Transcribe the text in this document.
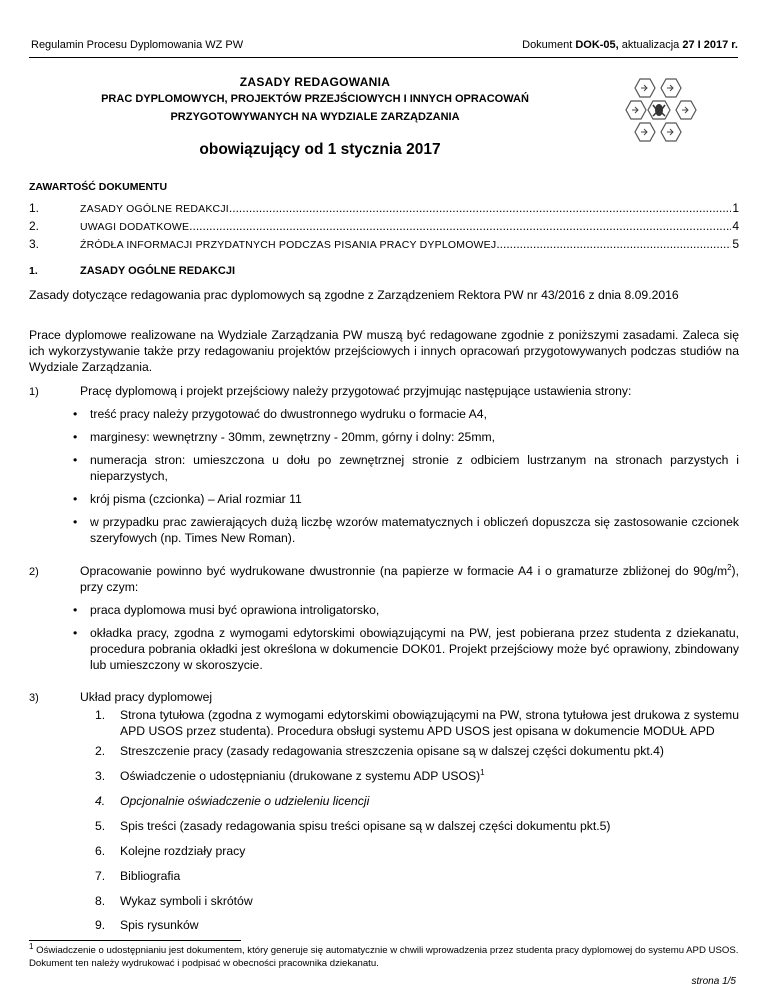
Regulamin Procesu Dyplomowania WZ PW	Dokument DOK-05, aktualizacja 27 I 2017 r.
ZASADY REDAGOWANIA
PRAC DYPLOMOWYCH, PROJEKTÓW PRZEJŚCIOWYCH I INNYCH OPRACOWAŃ
PRZYGOTOWYWANYCH NA WYDZIALE ZARZĄDZANIA
obowiązujący od 1 stycznia 2017
ZAWARTOŚĆ DOKUMENTU
1.	ZASADY OGÓLNE REDAKCJI .....	1
2.	UWAGI DODATKOWE .....	4
3.	ŹRÓDŁA INFORMACJI PRZYDATNYCH PODCZAS PISANIA PRACY DYPLOMOWEJ .....	5
1.	ZASADY OGÓLNE REDAKCJI
Zasady dotyczące redagowania prac dyplomowych są zgodne z Zarządzeniem Rektora PW nr 43/2016 z dnia 8.09.2016
Prace dyplomowe realizowane na Wydziale Zarządzania PW muszą być redagowane zgodnie z poniższymi zasadami. Zaleca się ich wykorzystywanie także przy redagowaniu projektów przejściowych i innych opracowań przygotowywanych podczas studiów na Wydziale Zarządzania.
1)	Pracę dyplomową i projekt przejściowy należy przygotować przyjmując następujące ustawienia strony:
• treść pracy należy przygotować do dwustronnego wydruku o formacie A4,
• marginesy: wewnętrzny - 30mm, zewnętrzny - 20mm, górny i dolny: 25mm,
• numeracja stron: umieszczona u dołu po zewnętrznej stronie z odbiciem lustrzanym na stronach parzystych i nieparzystych,
• krój pisma (czcionka) – Arial rozmiar 11
• w przypadku prac zawierających dużą liczbę wzorów matematycznych i obliczeń dopuszcza się zastosowanie czcionek szeryfowych (np. Times New Roman).
2)	Opracowanie powinno być wydrukowane dwustronnie (na papierze w formacie A4 i o gramaturze zbliżonej do $90g/m^2$), przy czym:
• praca dyplomowa musi być oprawiona introligatorsko,
• okładka pracy, zgodna z wymogami edytorskimi obowiązującymi na PW, jest pobierana przez studenta z dziekanatu, procedura pobrania okładki jest określona w dokumencie DOK01. Projekt przejściowy może być oprawiony, zbindowany lub umieszczony w skoroszycie.
3)	Układ pracy dyplomowej
1. Strona tytułowa (zgodna z wymogami edytorskimi obowiązującymi na PW, strona tytułowa jest drukowa z systemu APD USOS przez studenta). Procedura obsługi systemu APD USOS jest opisana w dokumencie MODUŁ APD
2. Streszczenie pracy (zasady redagowania streszczenia opisane są w dalszej części dokumentu pkt.4)
3. Oświadczenie o udostępnianiu (drukowane z systemu ADP USOS)$^1$
4. Opcjonalnie oświadczenie o udzieleniu licencji
5. Spis treści (zasady redagowania spisu treści opisane są w dalszej części dokumentu pkt.5)
6. Kolejne rozdziały pracy
strona 1/5
7. Bibliografia
8. Wykaz symboli i skrótów
9. Spis rysunków
$^1$ Oświadczenie o udostępnianiu jest dokumentem, który generuje się automatycznie w chwili wprowadzenia przez studenta pracy dyplomowej do systemu APD USOS. Dokument ten należy wydrukować i podpisać w obecności pracownika dziekanatu.
